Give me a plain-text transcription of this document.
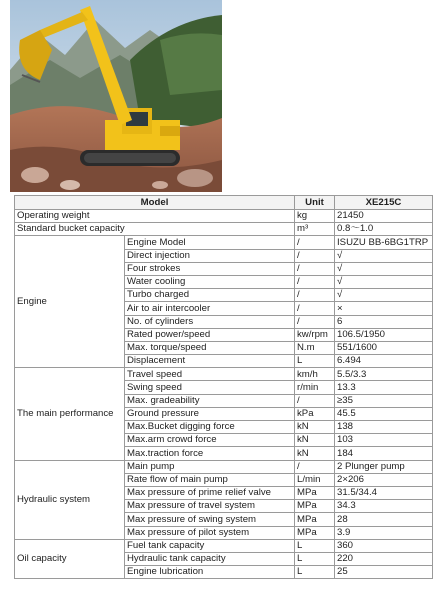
Model		Unit	XE215C
Operating weight		kg	21450
Standard bucket capacity		m³	0.8～1.0
Engine	Engine Model	/	ISUZU BB-6BG1TRP
	Direct injection	/	√
	Four strokes	/	√
	Water cooling	/	√
	Turbo charged	/	√
	Air to air intercooler	/	×
	No. of cylinders	/	6
	Rated power/speed	kw/rpm	106.5/1950
	Max. torque/speed	N.m	551/1600
	Displacement	L	6.494
The main performance	Travel speed	km/h	5.5/3.3
	Swing speed	r/min	13.3
	Max. gradeability	/	≥35
	Ground pressure	kPa	45.5
	Max.Bucket digging force	kN	138
	Max.arm crowd force	kN	103
	Max.traction force	kN	184
Hydraulic system	Main pump	/	2 Plunger pump
	Rate flow of main pump	L/min	2×206
	Max pressure of prime relief valve	MPa	31.5/34.4
	Max pressure of travel system	MPa	34.3
	Max pressure of swing system	MPa	28
	Max pressure of pilot system	MPa	3.9
Oil capacity	Fuel tank capacity	L	360
	Hydraulic tank capacity	L	220
	Engine lubrication	L	25
